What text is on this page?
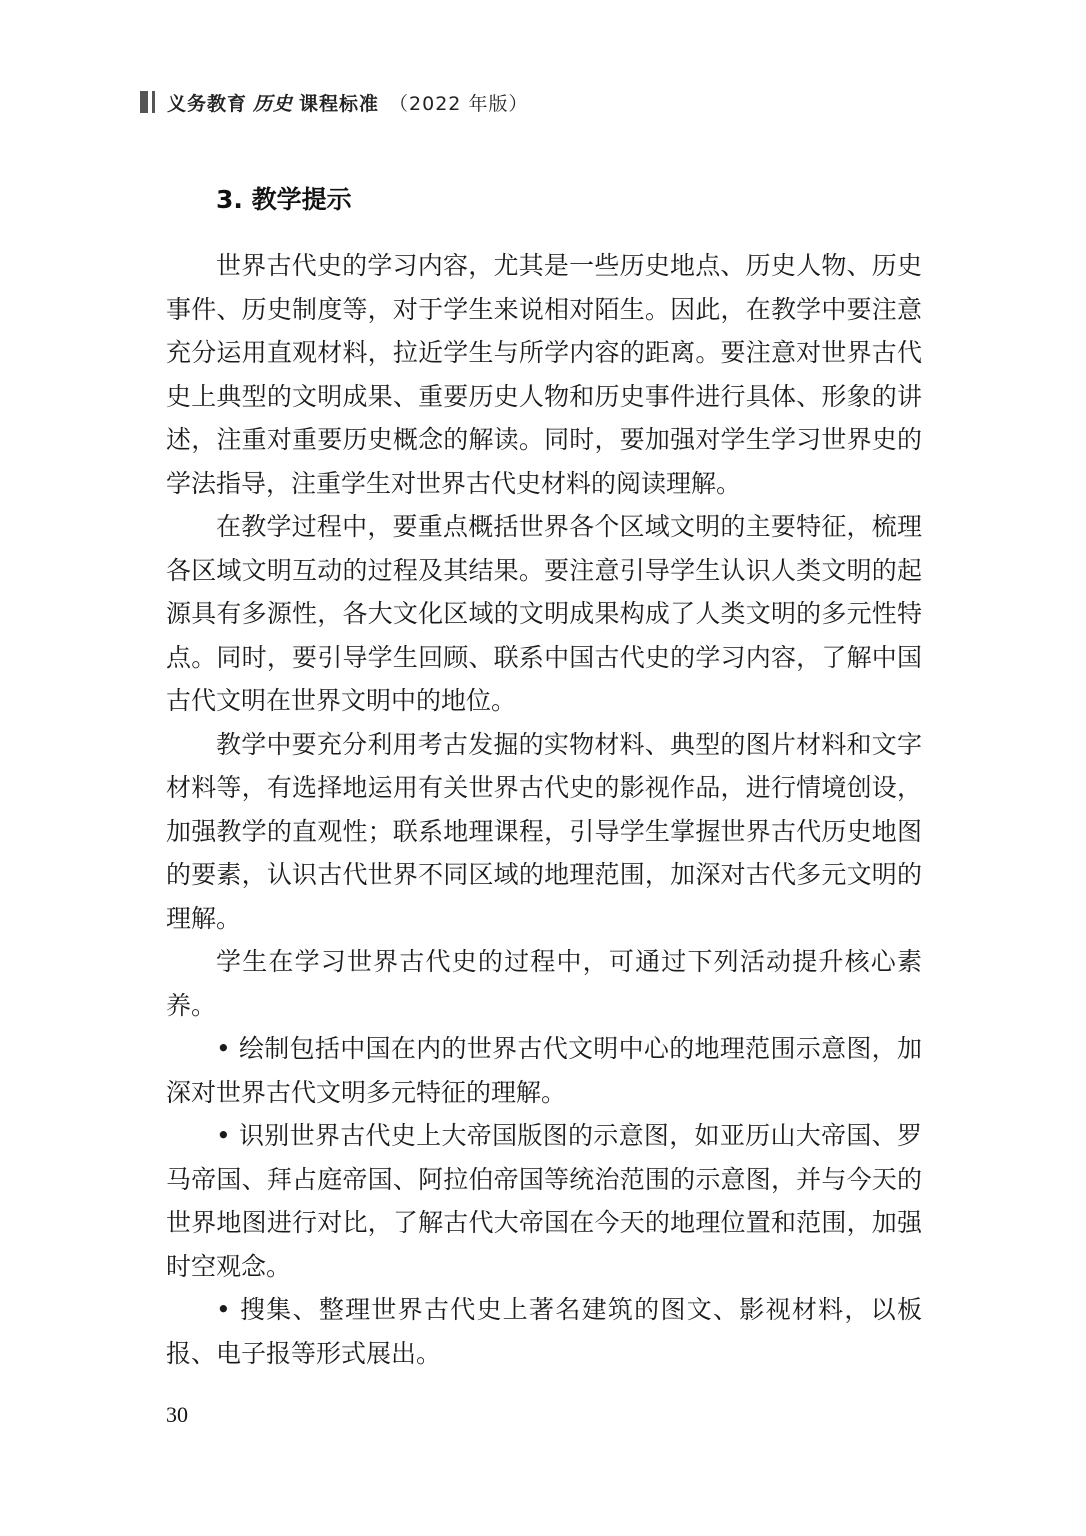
义务教育 历史 课程标准 （2022 年版）
3. 教学提示

世界古代史的学习内容，尤其是一些历史地点、历史人物、历史事件、历史制度等，对于学生来说相对陌生。因此，在教学中要注意充分运用直观材料，拉近学生与所学内容的距离。要注意对世界古代史上典型的文明成果、重要历史人物和历史事件进行具体、形象的讲述，注重对重要历史概念的解读。同时，要加强对学生学习世界史的学法指导，注重学生对世界古代史材料的阅读理解。

在教学过程中，要重点概括世界各个区域文明的主要特征，梳理各区域文明互动的过程及其结果。要注意引导学生认识人类文明的起源具有多源性，各大文化区域的文明成果构成了人类文明的多元性特点。同时，要引导学生回顾、联系中国古代史的学习内容，了解中国古代文明在世界文明中的地位。

教学中要充分利用考古发掘的实物材料、典型的图片材料和文字材料等，有选择地运用有关世界古代史的影视作品，进行情境创设，加强教学的直观性；联系地理课程，引导学生掌握世界古代历史地图的要素，认识古代世界不同区域的地理范围，加深对古代多元文明的理解。

学生在学习世界古代史的过程中，可通过下列活动提升核心素养。

• 绘制包括中国在内的世界古代文明中心的地理范围示意图，加深对世界古代文明多元特征的理解。

• 识别世界古代史上大帝国版图的示意图，如亚历山大帝国、罗马帝国、拜占庭帝国、阿拉伯帝国等统治范围的示意图，并与今天的世界地图进行对比，了解古代大帝国在今天的地理位置和范围，加强时空观念。

• 搜集、整理世界古代史上著名建筑的图文、影视材料，以板报、电子报等形式展出。

30
